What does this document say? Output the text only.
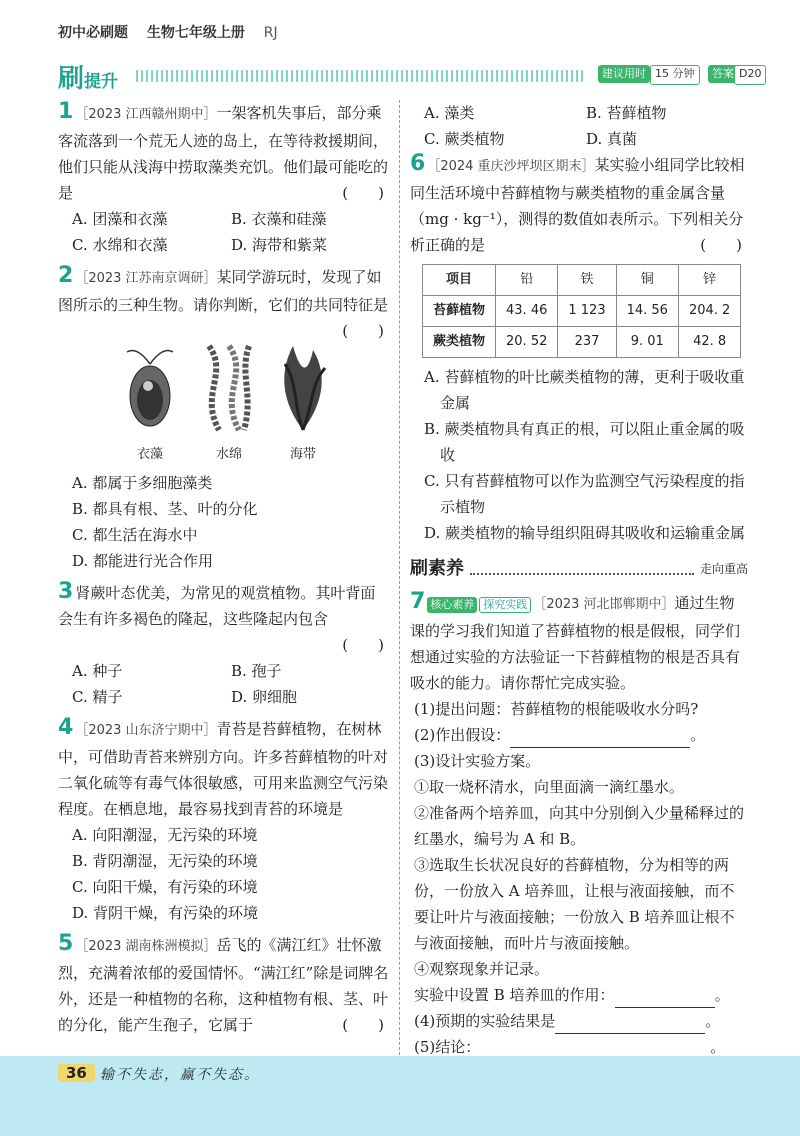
初中必刷题 生物七年级上册 RJ
刷提升	建议用时 15 分钟	答案 D20
1 ［2023 江西赣州期中］一架客机失事后，部分乘客流落到一个荒无人迹的岛上，在等待救援期间，他们只能从浅海中捞取藻类充饥。他们最可能吃的是	(　　)
A. 团藻和衣藻	B. 衣藻和硅藻
C. 水绵和衣藻	D. 海带和紫菜
2 ［2023 江苏南京调研］某同学游玩时，发现了如图所示的三种生物。请你判断，它们的共同特征是
(　　)
衣藻	水绵	海带
A. 都属于多细胞藻类
B. 都具有根、茎、叶的分化
C. 都生活在海水中
D. 都能进行光合作用
3 肾蕨叶态优美，为常见的观赏植物。其叶背面会生有许多褐色的隆起，这些隆起内包含
(　　)
A. 种子	B. 孢子
C. 精子	D. 卵细胞
4 ［2023 山东济宁期中］青苔是苔藓植物，在树林中，可借助青苔来辨别方向。许多苔藓植物的叶对二氧化硫等有毒气体很敏感，可用来监测空气污染程度。在栖息地，最容易找到青苔的环境是
A. 向阳潮湿，无污染的环境
B. 背阴潮湿，无污染的环境
C. 向阳干燥，有污染的环境
D. 背阴干燥，有污染的环境
5 ［2023 湖南株洲模拟］岳飞的《满江红》壮怀激烈，充满着浓郁的爱国情怀。“满江红”除是词牌名外，还是一种植物的名称，这种植物有根、茎、叶的分化，能产生孢子，它属于	(　　)
A. 藻类	B. 苔藓植物
C. 蕨类植物	D. 真菌
6 ［2024 重庆沙坪坝区期末］某实验小组同学比较相同生活环境中苔藓植物与蕨类植物的重金属含量（mg · kg⁻¹），测得的数值如表所示。下列相关分析正确的是	(　　)
项目	铅	铁	铜	锌
苔藓植物	43. 46	1 123	14. 56	204. 2
蕨类植物	20. 52	237	9. 01	42. 8
A. 苔藓植物的叶比蕨类植物的薄，更利于吸收重金属
B. 蕨类植物具有真正的根，可以阻止重金属的吸收
C. 只有苔藓植物可以作为监测空气污染程度的指示植物
D. 蕨类植物的输导组织阻碍其吸收和运输重金属
刷素养	走向重高
7 核心素养 探究实践 ［2023 河北邯郸期中］通过生物课的学习我们知道了苔藓植物的根是假根，同学们想通过实验的方法验证一下苔藓植物的根是否具有吸水的能力。请你帮忙完成实验。
(1)提出问题：苔藓植物的根能吸收水分吗?
(2)作出假设：	。
(3)设计实验方案。
①取一烧杯清水，向里面滴一滴红墨水。
②准备两个培养皿，向其中分别倒入少量稀释过的红墨水，编号为 A 和 B。
③选取生长状况良好的苔藓植物，分为相等的两份，一份放入 A 培养皿，让根与液面接触，而不要让叶片与液面接触；一份放入 B 培养皿让根不与液面接触，而叶片与液面接触。
④观察现象并记录。
实验中设置 B 培养皿的作用：	。
(4)预期的实验结果是	。
(5)结论：	。
36 输不失志，赢不失态。
